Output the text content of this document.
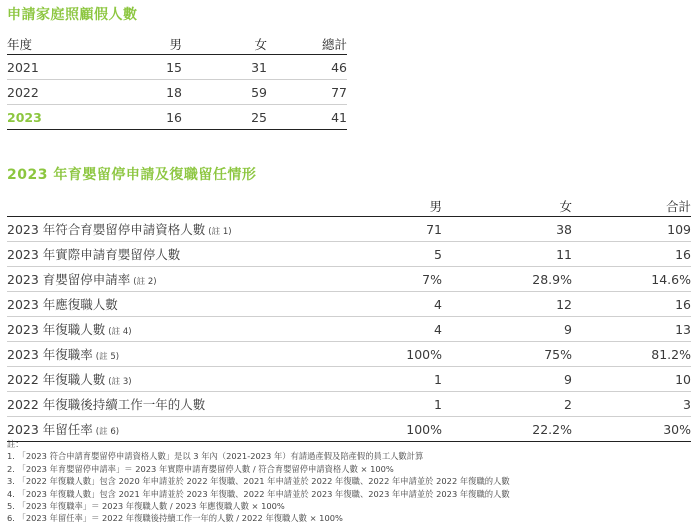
申請家庭照顧假人數
年度	男	女	總計
2021	15	31	46
2022	18	59	77
2023	16	25	41
2023 年育嬰留停申請及復職留任情形
	男	女	合計
2023 年符合育嬰留停申請資格人數 (註 1)	71	38	109
2023 年實際申請育嬰留停人數	5	11	16
2023 育嬰留停申請率 (註 2)	7%	28.9%	14.6%
2023 年應復職人數	4	12	16
2023 年復職人數 (註 4)	4	9	13
2023 年復職率 (註 5)	100%	75%	81.2%
2022 年復職人數 (註 3)	1	9	10
2022 年復職後持續工作一年的人數	1	2	3
2023 年留任率 (註 6)	100%	22.2%	30%
註：
1. 「2023 符合申請育嬰留停申請資格人數」是以 3 年內（2021-2023 年）有請過產假及陪產假的員工人數計算
2. 「2023 年育嬰留停申請率」＝ 2023 年實際申請育嬰留停人數 / 符合育嬰留停申請資格人數 × 100%
3. 「2022 年復職人數」包含 2020 年申請並於 2022 年復職、2021 年申請並於 2022 年復職、2022 年申請並於 2022 年復職的人數
4. 「2023 年復職人數」包含 2021 年申請並於 2023 年復職、2022 年申請並於 2023 年復職、2023 年申請並於 2023 年復職的人數
5. 「2023 年復職率」＝ 2023 年復職人數 / 2023 年應復職人數 × 100%
6. 「2023 年留任率」＝ 2022 年復職後持續工作一年的人數 / 2022 年復職人數 × 100%
